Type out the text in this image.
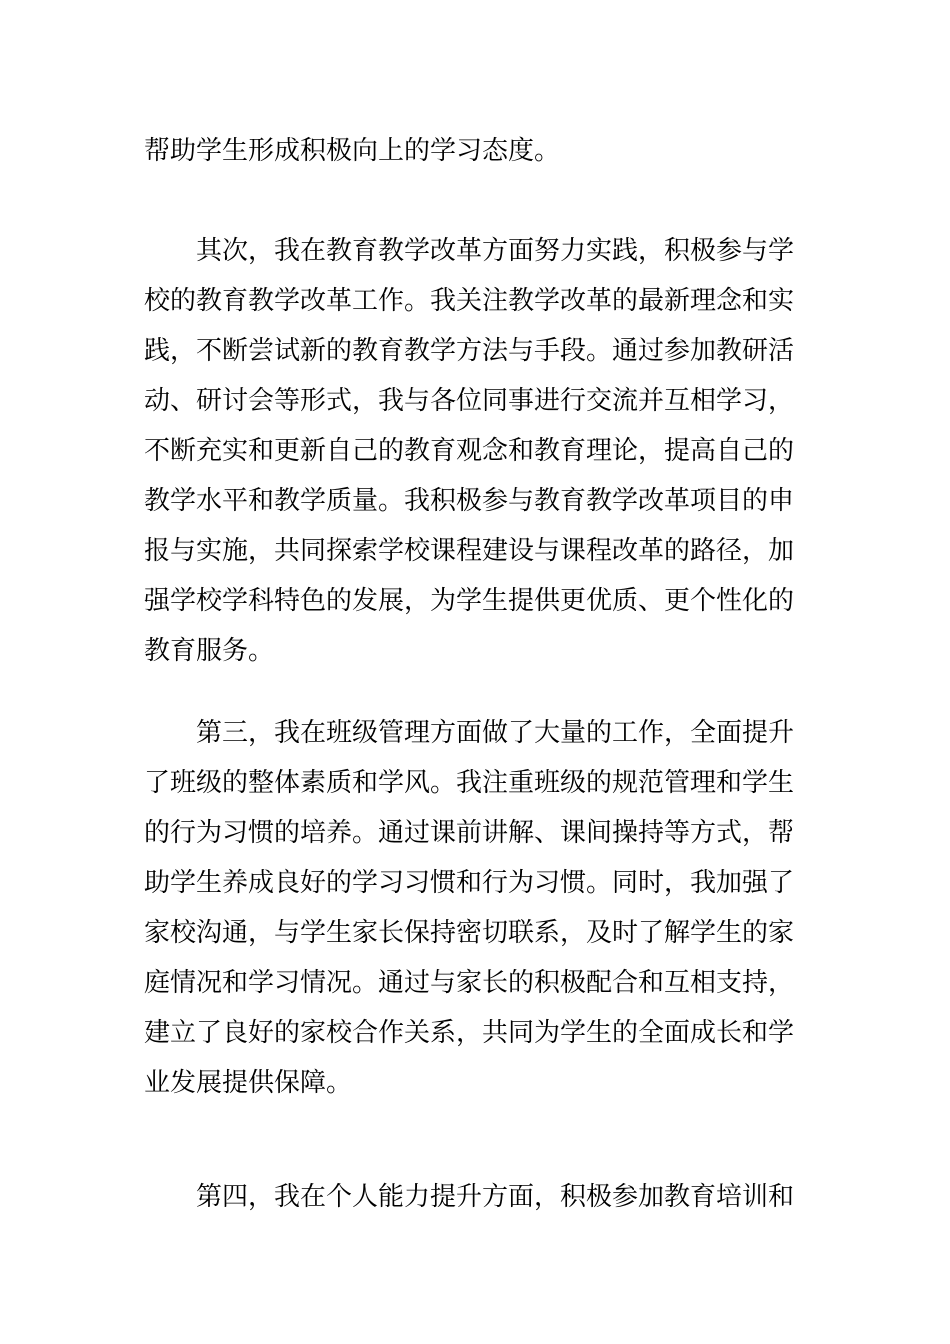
帮助学生形成积极向上的学习态度。
其次，我在教育教学改革方面努力实践，积极参与学
校的教育教学改革工作。我关注教学改革的最新理念和实
践，不断尝试新的教育教学方法与手段。通过参加教研活
动、研讨会等形式，我与各位同事进行交流并互相学习，
不断充实和更新自己的教育观念和教育理论，提高自己的
教学水平和教学质量。我积极参与教育教学改革项目的申
报与实施，共同探索学校课程建设与课程改革的路径，加
强学校学科特色的发展，为学生提供更优质、更个性化的
教育服务。
第三，我在班级管理方面做了大量的工作，全面提升
了班级的整体素质和学风。我注重班级的规范管理和学生
的行为习惯的培养。通过课前讲解、课间操持等方式，帮
助学生养成良好的学习习惯和行为习惯。同时，我加强了
家校沟通，与学生家长保持密切联系，及时了解学生的家
庭情况和学习情况。通过与家长的积极配合和互相支持，
建立了良好的家校合作关系，共同为学生的全面成长和学
业发展提供保障。
第四，我在个人能力提升方面，积极参加教育培训和
